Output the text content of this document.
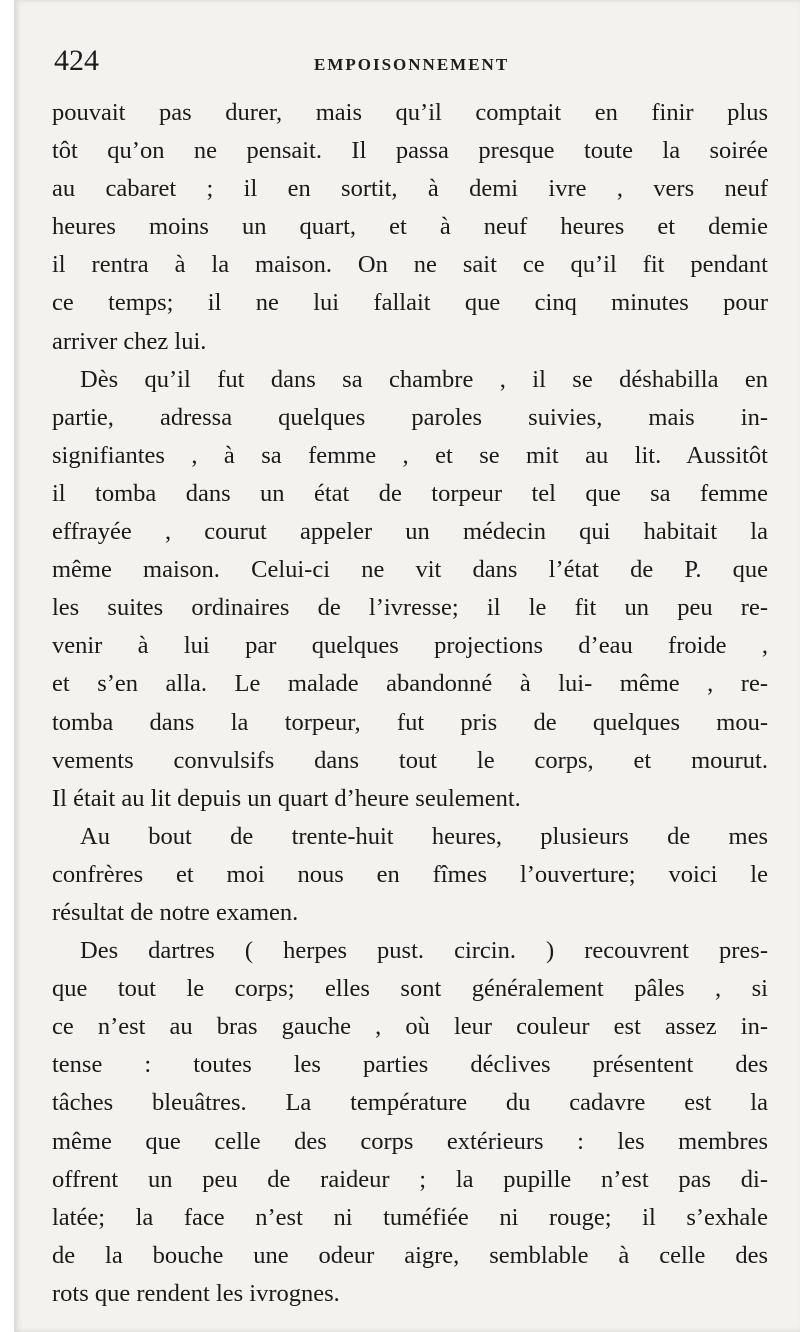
424	EMPOISONNEMENT
pouvait pas durer, mais qu’il comptait en finir plus
tôt qu’on ne pensait. Il passa presque toute la soirée
au cabaret ; il en sortit, à demi ivre , vers neuf
heures moins un quart, et à neuf heures et demie
il rentra à la maison. On ne sait ce qu’il fit pendant
ce temps; il ne lui fallait que cinq minutes pour
arriver chez lui.
Dès qu’il fut dans sa chambre , il se déshabilla en
partie, adressa quelques paroles suivies, mais in-
signifiantes , à sa femme , et se mit au lit. Aussitôt
il tomba dans un état de torpeur tel que sa femme
effrayée , courut appeler un médecin qui habitait la
même maison. Celui-ci ne vit dans l’état de P. que
les suites ordinaires de l’ivresse; il le fit un peu re-
venir à lui par quelques projections d’eau froide ,
et s’en alla. Le malade abandonné à lui- même , re-
tomba dans la torpeur, fut pris de quelques mou-
vements convulsifs dans tout le corps, et mourut.
Il était au lit depuis un quart d’heure seulement.
Au bout de trente-huit heures, plusieurs de mes
confrères et moi nous en fîmes l’ouverture; voici le
résultat de notre examen.
Des dartres ( herpes pust. circin. ) recouvrent pres-
que tout le corps; elles sont généralement pâles , si
ce n’est au bras gauche , où leur couleur est assez in-
tense : toutes les parties déclives présentent des
tâches bleuâtres. La température du cadavre est la
même que celle des corps extérieurs : les membres
offrent un peu de raideur ; la pupille n’est pas di-
latée; la face n’est ni tuméfiée ni rouge; il s’exhale
de la bouche une odeur aigre, semblable à celle des
rots que rendent les ivrognes.
